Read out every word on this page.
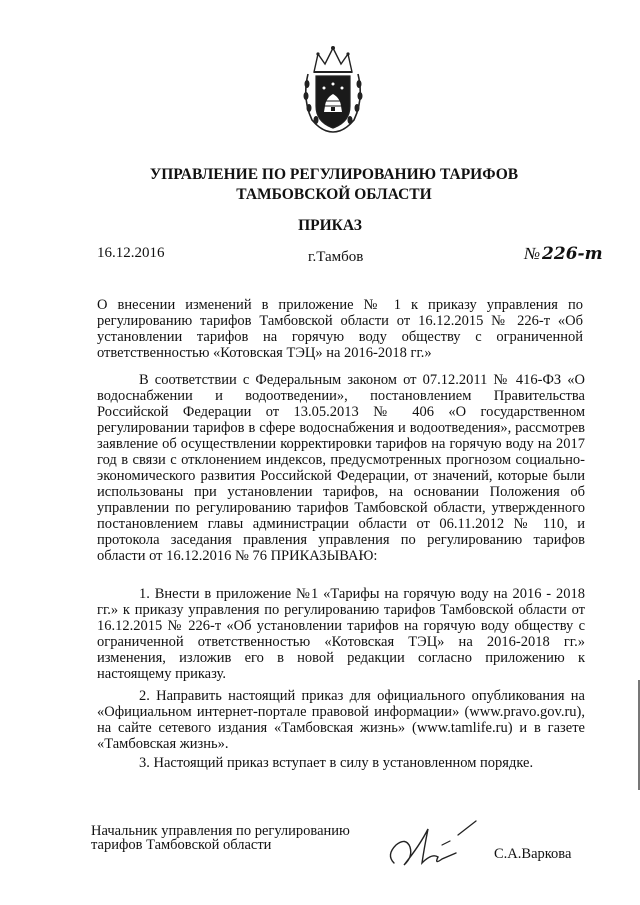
УПРАВЛЕНИЕ ПО РЕГУЛИРОВАНИЮ ТАРИФОВ
ТАМБОВСКОЙ ОБЛАСТИ
ПРИКАЗ
16.12.2016	г.Тамбов	№ 226-т
О внесении изменений в приложение № 1 к приказу управления по регулированию тарифов Тамбовской области от 16.12.2015 № 226-т «Об установлении тарифов на горячую воду обществу с ограниченной ответственностью «Котовская ТЭЦ» на 2016-2018 гг.»
В соответствии с Федеральным законом от 07.12.2011 № 416-ФЗ «О водоснабжении и водоотведении», постановлением Правительства Российской Федерации от 13.05.2013 № 406 «О государственном регулировании тарифов в сфере водоснабжения и водоотведения», рассмотрев заявление об осуществлении корректировки тарифов на горячую воду на 2017 год в связи с отклонением индексов, предусмотренных прогнозом социально-экономического развития Российской Федерации, от значений, которые были использованы при установлении тарифов, на основании Положения об управлении по регулированию тарифов Тамбовской области, утвержденного постановлением главы администрации области от 06.11.2012 № 110, и протокола заседания правления управления по регулированию тарифов области от 16.12.2016 № 76 ПРИКАЗЫВАЮ:
1. Внести в приложение №1 «Тарифы на горячую воду на 2016 - 2018 гг.» к приказу управления по регулированию тарифов Тамбовской области от 16.12.2015 № 226-т «Об установлении тарифов на горячую воду обществу с ограниченной ответственностью «Котовская ТЭЦ» на 2016-2018 гг.» изменения, изложив его в новой редакции согласно приложению к настоящему приказу.
2. Направить настоящий приказ для официального опубликования на «Официальном интернет-портале правовой информации» (www.pravo.gov.ru), на сайте сетевого издания «Тамбовская жизнь» (www.tamlife.ru) и в газете «Тамбовская жизнь».
3. Настоящий приказ вступает в силу в установленном порядке.
Начальник управления по регулированию
тарифов Тамбовской области
С.А.Варкова
